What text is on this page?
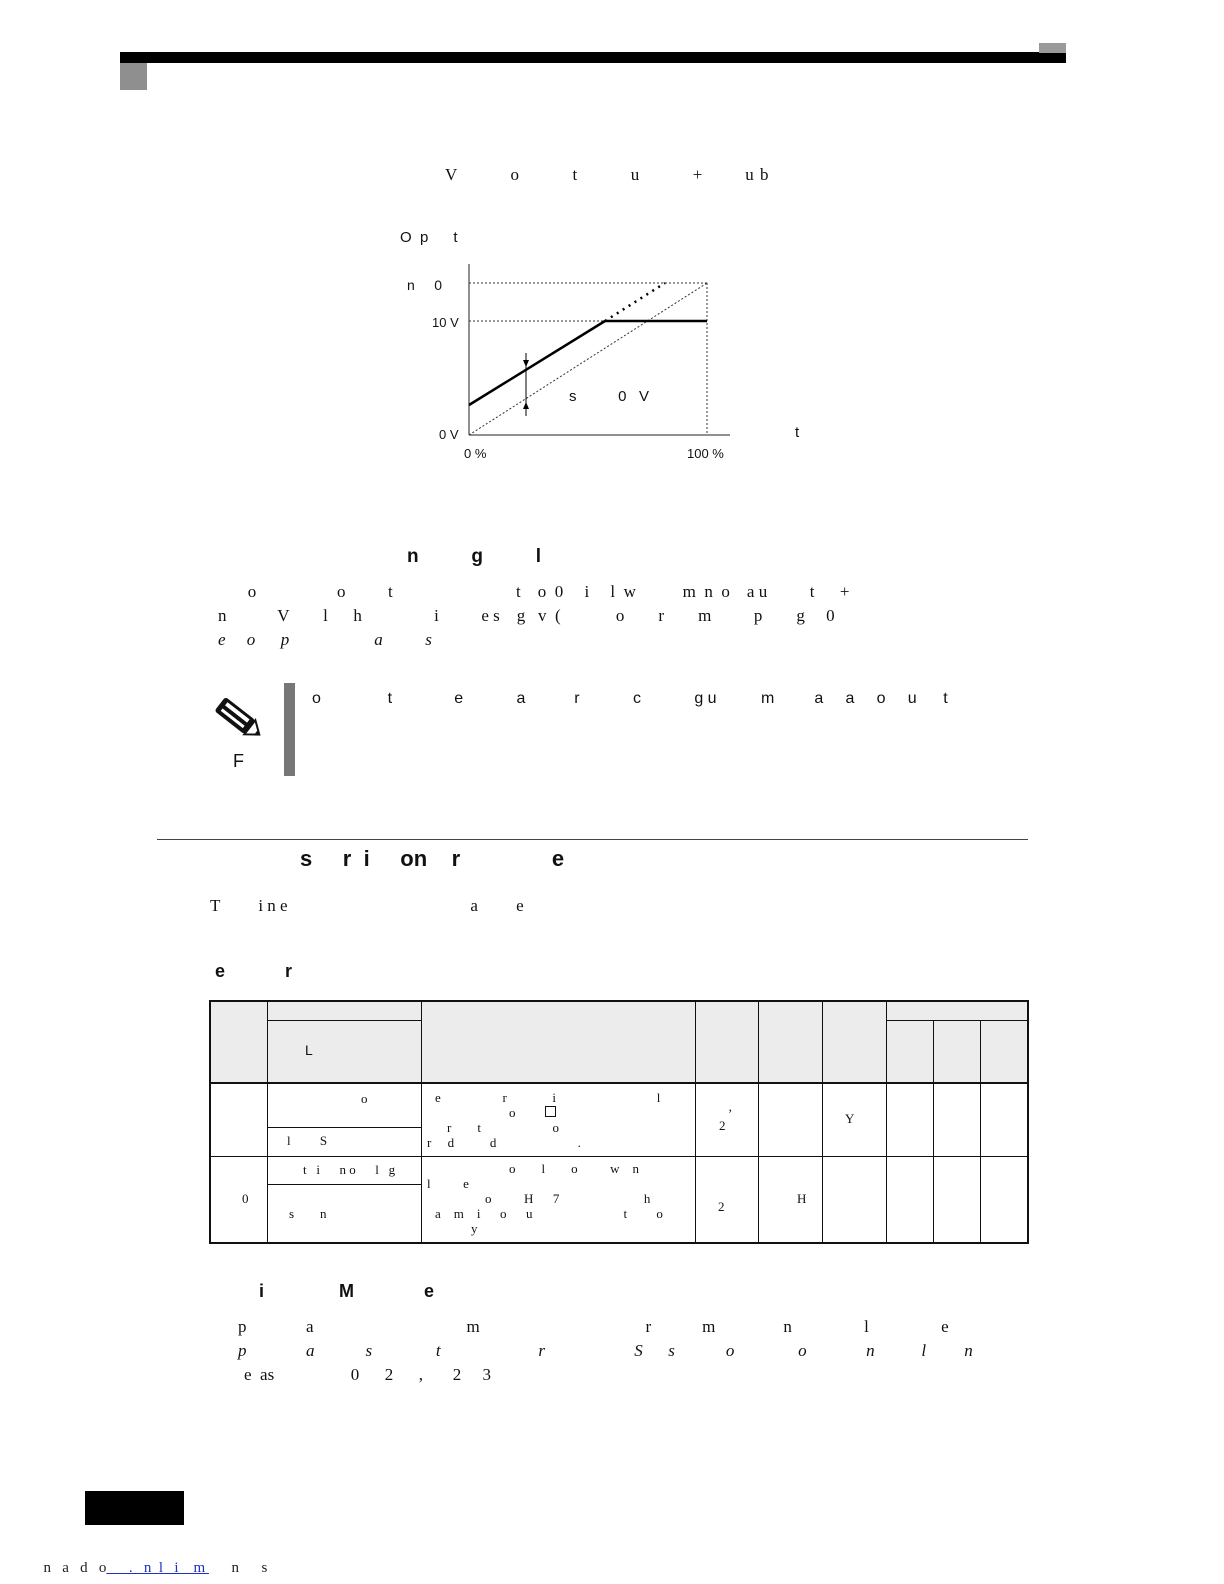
V          o          t          u          +        u b
O  p      t
n     0
10 V
0 V
0 %	100 %
s          0   V
t
n          g          l
o                   o          t                             t    o  0     i     l  w           m  n  o    a u          t      +
n            V        l      h                 i          e s    g   v  (             o        r        m          p        g     0
e     o      p                    a          s
F
o               t              e            a           r            c            g u          m         a     a     o     u      t
s     r  i     on    r               e
T         i n e                                           a         e
e            r
L
o
l         S
e                   r              i                               l
o
r        t                      o
r     d           d                         .
2
’	Y
0
t   i      n o      l   g
s        n
o        l        o          w    n
l          e
o          H      7                          h
a    m    i      o      u                            t         o
y
2
H
i               M              e
p              a                                    m                                       r            m                n                 l                 e
p              a            s               t                       r                     S      s            o               o              n           l         n
e  as                  0      2      ,       2     3

n   a   d   o      .   n  l   i    m       n      s
